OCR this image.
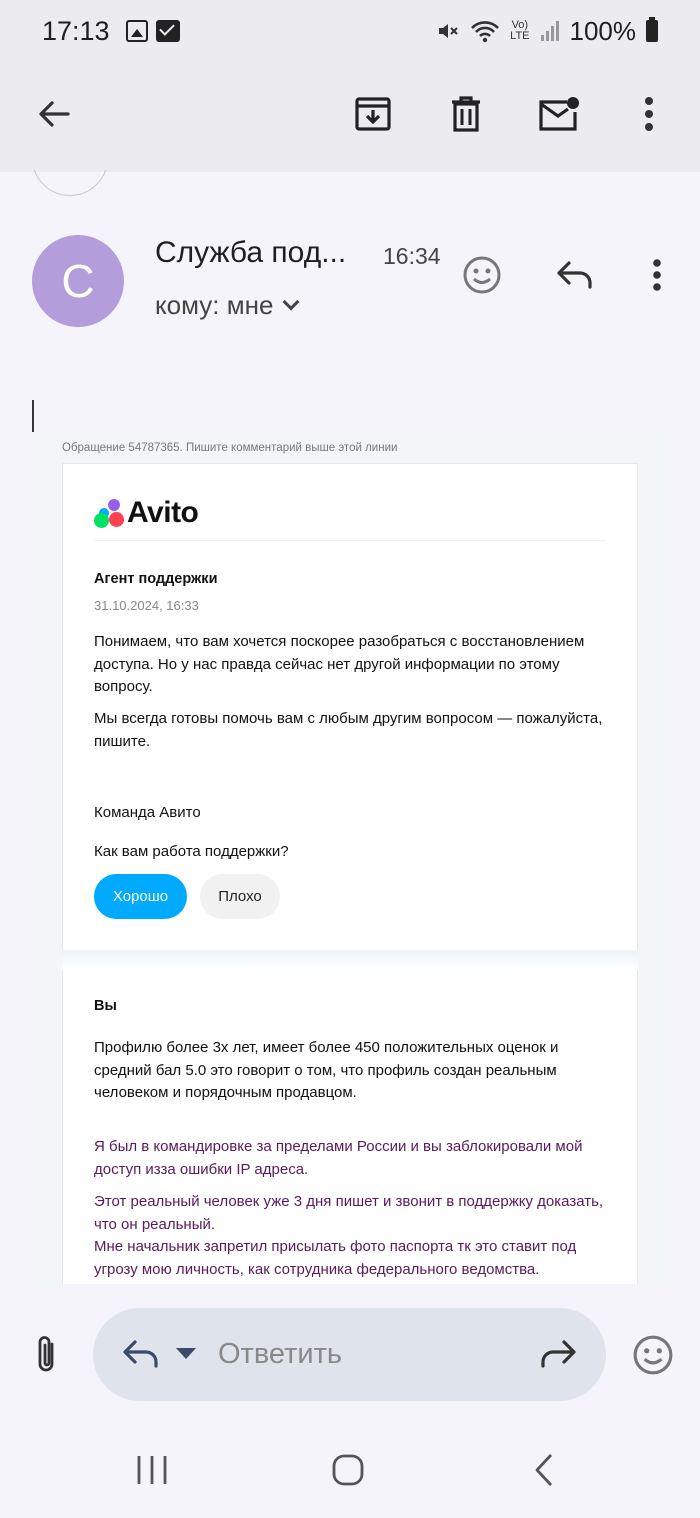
17:13	Vo)
LTE 100%
C
Служба под... 16:34
кому: мне
Обращение 54787365. Пишите комментарий выше этой линии
Avito
Агент поддержки
31.10.2024, 16:33
Понимаем, что вам хочется поскорее разобраться с восстановлением доступа. Но у нас правда сейчас нет другой информации по этому вопросу.
Мы всегда готовы помочь вам с любым другим вопросом — пожалуйста, пишите.
Команда Авито
Как вам работа поддержки?
Хорошо	Плохо
Вы
Профилю более 3х лет, имеет более 450 положительных оценок и средний бал 5.0 это говорит о том, что профиль создан реальным человеком и порядочным продавцом.
Я был в командировке за пределами России и вы заблокировали мой доступ изза ошибки IP адреса.
Этот реальный человек уже 3 дня пишет и звонит в поддержку доказать, что он реальный.
Мне начальник запретил присылать фото паспорта тк это ставит под угрозу мою личность, как сотрудника федерального ведомства.
Ответить
